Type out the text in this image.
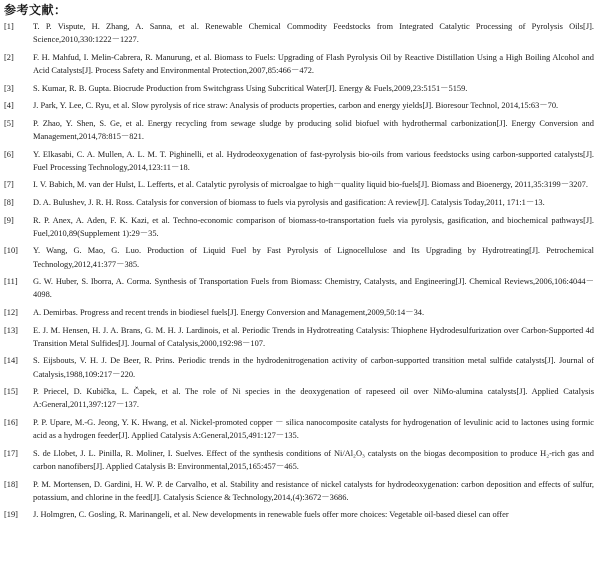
参考文献：
[1]	T. P. Vispute, H. Zhang, A. Sanna, et al. Renewable Chemical Commodity Feedstocks from Integrated Catalytic Processing of Pyrolysis Oils[J]. Science,2010,330:1222－1227.
[2]	F. H. Mahfud, I. Melin-Cabrera, R. Manurung, et al. Biomass to Fuels: Upgrading of Flash Pyrolysis Oil by Reactive Distillation Using a High Boiling Alcohol and Acid Catalysts[J]. Process Safety and Environmental Protection,2007,85:466－472.
[3]	S. Kumar, R. B. Gupta. Biocrude Production from Switchgrass Using Subcritical Water[J]. Energy & Fuels,2009,23:5151－5159.
[4]	J. Park, Y. Lee, C. Ryu, et al. Slow pyrolysis of rice straw: Analysis of products properties, carbon and energy yields[J]. Bioresour Technol, 2014,15:63－70.
[5]	P. Zhao, Y. Shen, S. Ge, et al. Energy recycling from sewage sludge by producing solid biofuel with hydrothermal carbonization[J]. Energy Conversion and Management,2014,78:815－821.
[6]	Y. Elkasabi, C. A. Mullen, A. L. M. T. Pighinelli, et al. Hydrodeoxygenation of fast-pyrolysis bio-oils from various feedstocks using carbon-supported catalysts[J]. Fuel Processing Technology,2014,123:11－18.
[7]	I. V. Babich, M. van der Hulst, L. Lefferts, et al. Catalytic pyrolysis of microalgae to high－quality liquid bio-fuels[J]. Biomass and Bioenergy, 2011,35:3199－3207.
[8]	D. A. Bulushev, J. R. H. Ross. Catalysis for conversion of biomass to fuels via pyrolysis and gasification: A review[J]. Catalysis Today,2011, 171:1－13.
[9]	R. P. Anex, A. Aden, F. K. Kazi, et al. Techno-economic comparison of biomass-to-transportation fuels via pyrolysis, gasification, and biochemical pathways[J]. Fuel,2010,89(Supplement 1):29－35.
[10]	Y. Wang, G. Mao, G. Luo. Production of Liquid Fuel by Fast Pyrolysis of Lignocellulose and Its Upgrading by Hydrotreating[J]. Petrochemical Technology,2012,41:377－385.
[11]	G. W. Huber, S. Iborra, A. Corma. Synthesis of Transportation Fuels from Biomass: Chemistry, Catalysts, and Engineering[J]. Chemical Reviews,2006,106:4044－4098.
[12]	A. Demirbas. Progress and recent trends in biodiesel fuels[J]. Energy Conversion and Management,2009,50:14－34.
[13]	E. J. M. Hensen, H. J. A. Brans, G. M. H. J. Lardinois, et al. Periodic Trends in Hydrotreating Catalysis: Thiophene Hydrodesulfurization over Carbon-Supported 4d Transition Metal Sulfides[J]. Journal of Catalysis,2000,192:98－107.
[14]	S. Eijsbouts, V. H. J. De Beer, R. Prins. Periodic trends in the hydrodenitrogenation activity of carbon-supported transition metal sulfide catalysts[J]. Journal of Catalysis,1988,109:217－220.
[15]	P. Priecel, D. Kubička, L. Čapek, et al. The role of Ni species in the deoxygenation of rapeseed oil over NiMo-alumina catalysts[J]. Applied Catalysis A:General,2011,397:127－137.
[16]	P. P. Upare, M.-G. Jeong, Y. K. Hwang, et al. Nickel-promoted copper － silica nanocomposite catalysts for hydrogenation of levulinic acid to lactones using formic acid as a hydrogen feeder[J]. Applied Catalysis A:General,2015,491:127－135.
[17]	S. de Llobet, J. L. Pinilla, R. Moliner, I. Suelves. Effect of the synthesis conditions of Ni/Al₂O₃ catalysts on the biogas decomposition to produce H₂-rich gas and carbon nanofibers[J]. Applied Catalysis B: Environmental,2015,165:457－465.
[18]	P. M. Mortensen, D. Gardini, H. W. P. de Carvalho, et al. Stability and resistance of nickel catalysts for hydrodeoxygenation: carbon deposition and effects of sulfur, potassium, and chlorine in the feed[J]. Catalysis Science & Technology,2014,(4):3672－3686.
[19]	J. Holmgren, C. Gosling, R. Marinangeli, et al. New developments in renewable fuels offer more choices: Vegetable oil-based diesel can offer
